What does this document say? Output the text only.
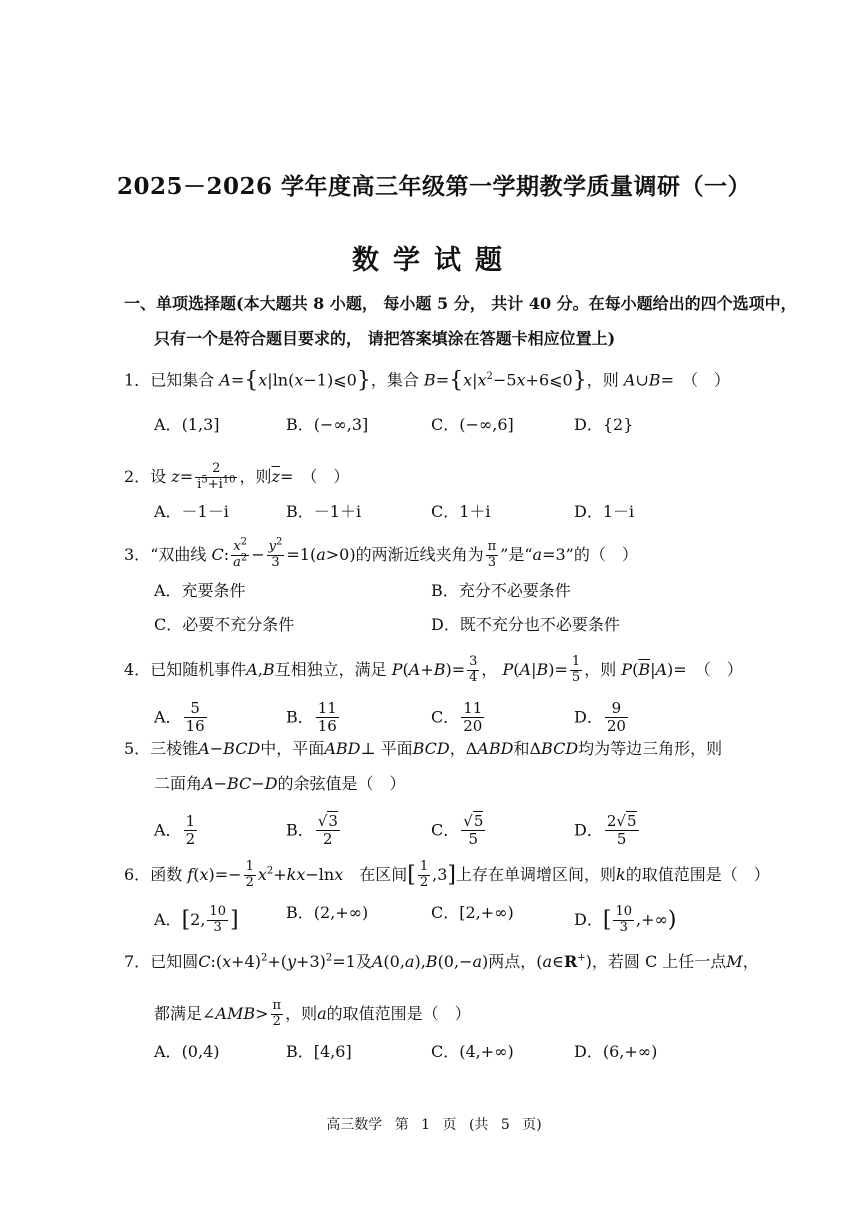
2025－2026 学年度高三年级第一学期教学质量调研（一）
数学试题
一、单项选择题(本大题共 8 小题， 每小题 5 分， 共计 40 分。在每小题给出的四个选项中，
只有一个是符合题目要求的， 请把答案填涂在答题卡相应位置上)
1．已知集合 A={x|ln(x−1)⩽0}，集合 $B=\{x|x^2-5x+6⩽0\}$，则 A∪B=　（　）
A．(1,3]	B．(−∞,3]	C．(−∞,6]	D．{2}
2．设 $z= \frac{2}{i^5+i^{10}}$ ，则$\overline{z}=$　（　）
A．－1－i	B．－1＋i	C．1＋i	D．1－i
3．“双曲线 C: $\frac{x^2}{a^2} - \frac{y^2}{3} =1(a>0)$的两渐近线夹角为 $\frac{\pi}{3}$ ”是“a=3”的（　）
A．充要条件	B．充分不必要条件
C．必要不充分条件	D．既不充分也不必要条件
4．已知随机事件A,B互相独立，满足 $P(A+B)= \frac{3}{4}$ ， $P(A|B)= \frac{1}{5}$ ，则 $P(\overline{B}|A)=$　（　）
A． $\frac{5}{16}$	B． $\frac{11}{16}$	C． $\frac{11}{20}$	D． $\frac{9}{20}$
5．三棱锥A−BCD中，平面ABD⊥ 平面BCD，ΔABD和ΔBCD均为等边三角形，则
二面角A−BC−D的余弦值是（　）
A． $\frac{1}{2}$	B． $\frac{√3}{2}$	C． $\frac{√5}{5}$	D． $\frac{2√5}{5}$
6．函数 $f(x)=- \frac{1}{2} x^2+kx-\ln x$　 在区间[ $\frac{1}{2} ,3$]上存在单调增区间，则k的取值范围是（　）
A．[2, $\frac{10}{3}$ ]	B．(2,+∞)	C．[2,+∞)	D．[ $\frac{10}{3}$ ,+∞)
7．已知圆$C:(x+4)^2+(y+3)^2=1$及A(0,a),B(0,−a)两点，(a∈R+)，若圆 C 上任一点M，
都满足∠AMB> $\frac{\pi}{2}$ ，则a的取值范围是（　）
A．(0,4)	B．[4,6]	C．(4,+∞)	D．(6,+∞)
高三数学 第 1 页 (共 5 页)
